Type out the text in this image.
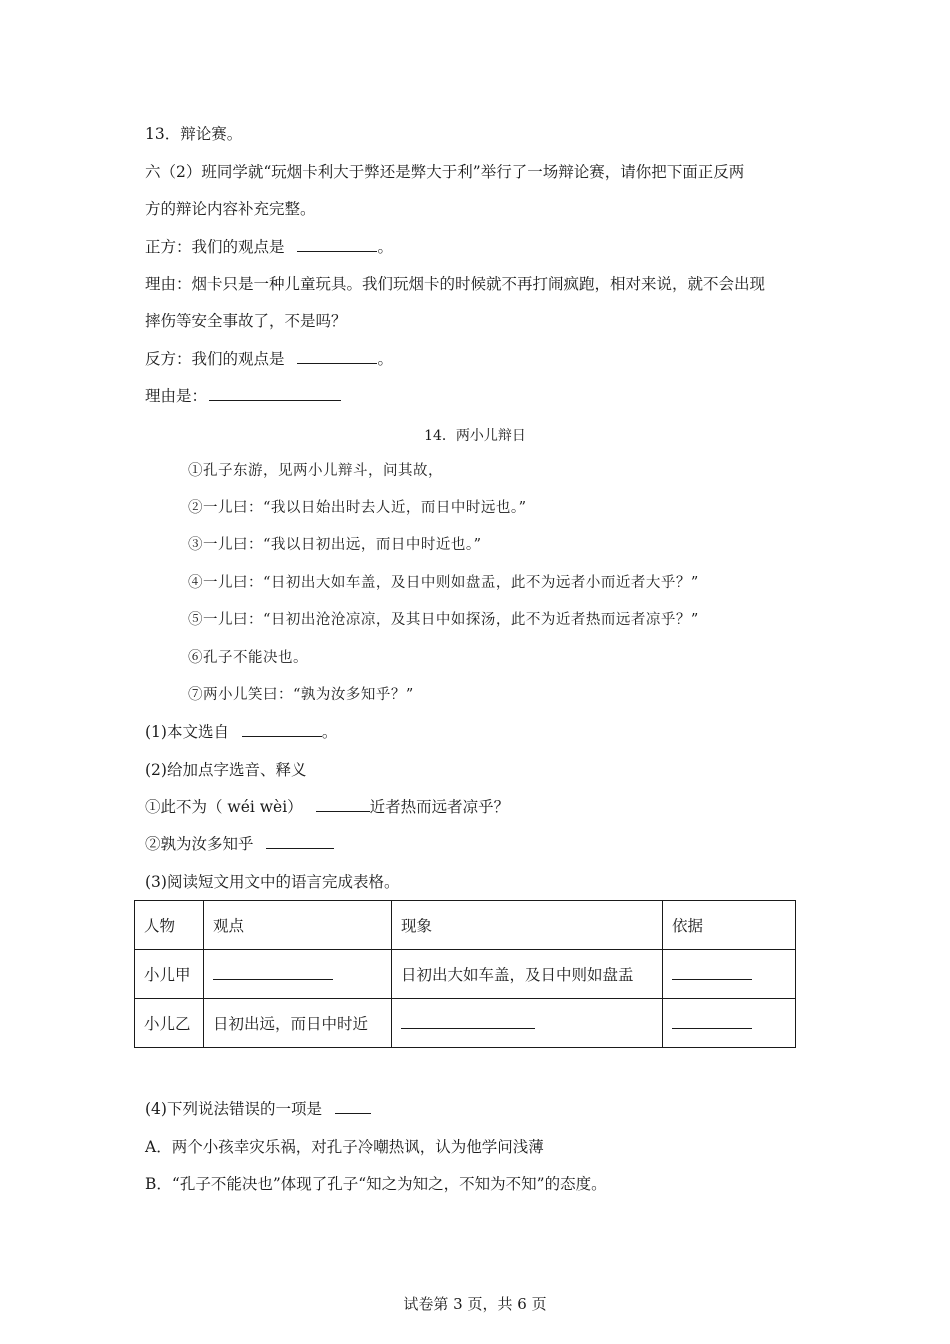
13．辩论赛。
六（2）班同学就“玩烟卡利大于弊还是弊大于利”举行了一场辩论赛，请你把下面正反两
方的辩论内容补充完整。
正方：我们的观点是	。
理由：烟卡只是一种儿童玩具。我们玩烟卡的时候就不再打闹疯跑，相对来说，就不会出现
摔伤等安全事故了，不是吗？
反方：我们的观点是	。
理由是：
14．两小儿辩日
①孔子东游，见两小儿辩斗，问其故，
②一儿曰：“我以日始出时去人近，而日中时远也。”
③一儿曰：“我以日初出远，而日中时近也。”
④一儿曰：“日初出大如车盖，及日中则如盘盂，此不为远者小而近者大乎？”
⑤一儿曰：“日初出沧沧凉凉，及其日中如探汤，此不为近者热而远者凉乎？”
⑥孔子不能决也。
⑦两小儿笑曰：“孰为汝多知乎？”
(1)本文选自	。
(2)给加点字选音、释义
①此不为（ wéi wèi）	近者热而远者凉乎？
②孰为汝多知乎
(3)阅读短文用文中的语言完成表格。
人物	观点	现象	依据
小儿甲		日初出大如车盖，及日中则如盘盂	
小儿乙	日初出远，而日中时近		
(4)下列说法错误的一项是
A．两个小孩幸灾乐祸，对孔子冷嘲热讽，认为他学问浅薄
B．“孔子不能决也”体现了孔子“知之为知之，不知为不知”的态度。
试卷第 3 页，共 6 页
